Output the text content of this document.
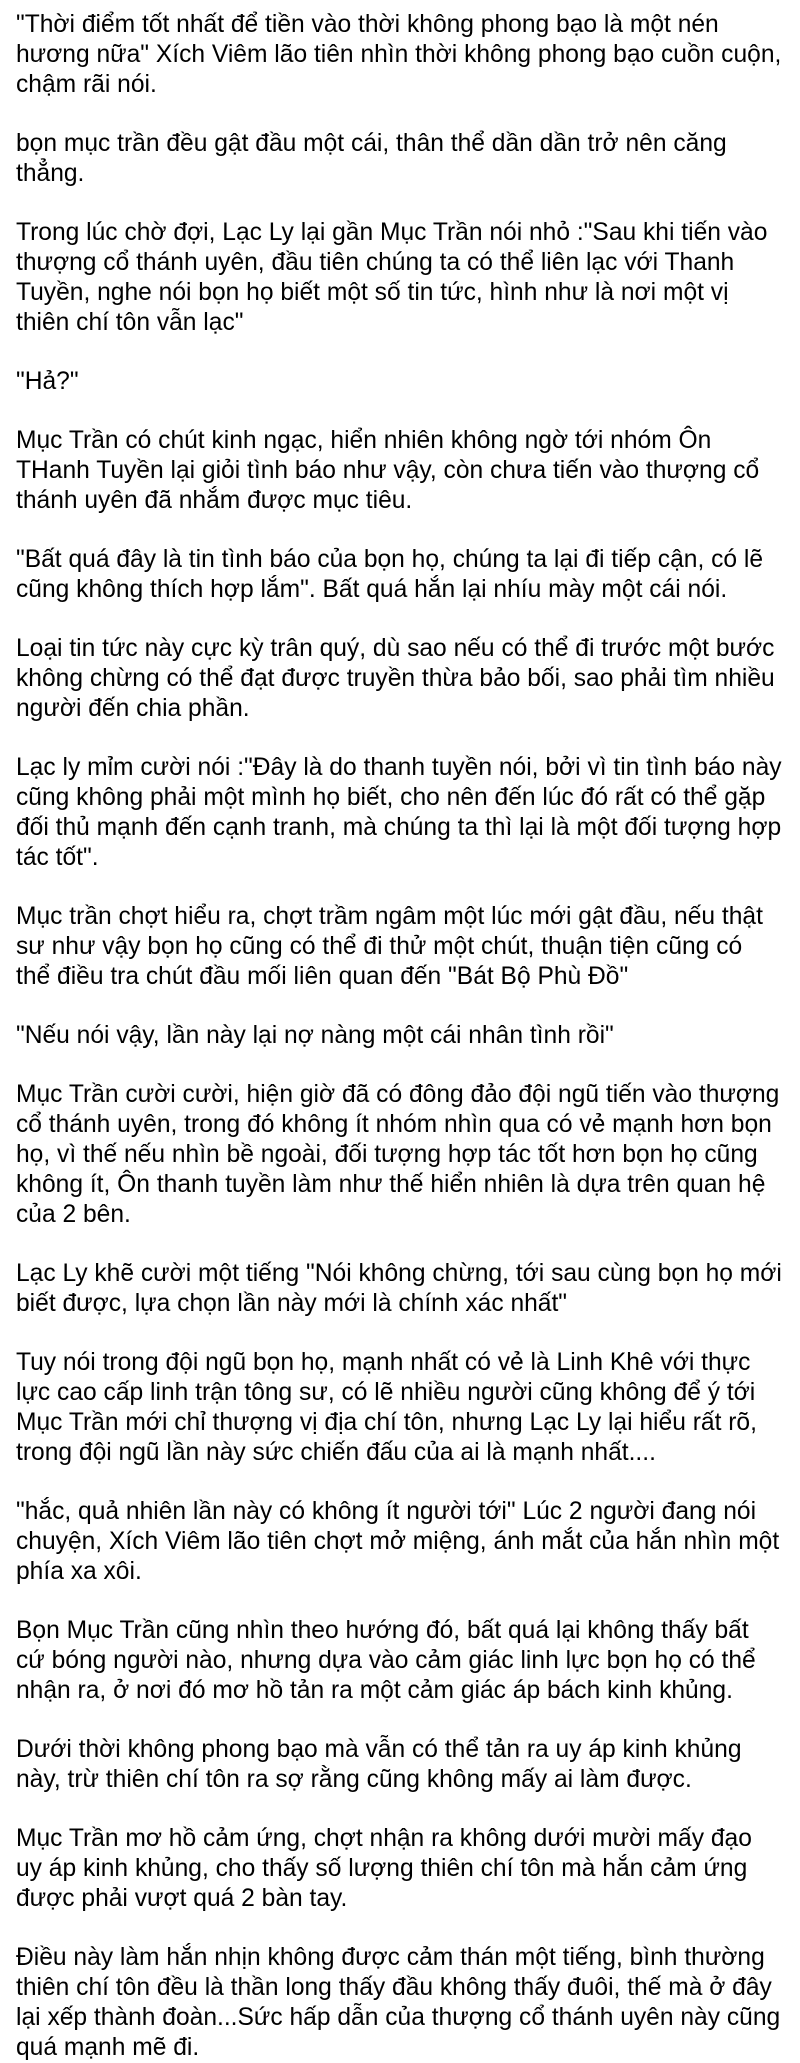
"Thời điểm tốt nhất để tiền vào thời không phong bạo là một nén hương nữa" Xích Viêm lão tiên nhìn thời không phong bạo cuồn cuộn, chậm rãi nói.

bọn mục trần đều gật đầu một cái, thân thể dần dần trở nên căng thẳng.

Trong lúc chờ đợi, Lạc Ly lại gần Mục Trần nói nhỏ :"Sau khi tiến vào thượng cổ thánh uyên, đầu tiên chúng ta có thể liên lạc với Thanh Tuyền, nghe nói bọn họ biết một số tin tức, hình như là nơi một vị thiên chí tôn vẫn lạc"

"Hả?"

Mục Trần có chút kinh ngạc, hiển nhiên không ngờ tới nhóm Ôn THanh Tuyền lại giỏi tình báo như vậy, còn chưa tiến vào thượng cổ thánh uyên đã nhắm được mục tiêu.

"Bất quá đây là tin tình báo của bọn họ, chúng ta lại đi tiếp cận, có lẽ cũng không thích hợp lắm". Bất quá hắn lại nhíu mày một cái nói.

Loại tin tức này cực kỳ trân quý, dù sao nếu có thể đi trước một bước không chừng có thể đạt được truyền thừa bảo bối, sao phải tìm nhiều người đến chia phần.

Lạc ly mỉm cười nói :"Đây là do thanh tuyền nói, bởi vì tin tình báo này cũng không phải một mình họ biết, cho nên đến lúc đó rất có thể gặp đối thủ mạnh đến cạnh tranh, mà chúng ta thì lại là một đối tượng hợp tác tốt".

Mục trần chợt hiểu ra, chợt trầm ngâm một lúc mới gật đầu, nếu thật sư như vậy bọn họ cũng có thể đi thử một chút, thuận tiện cũng có thể điều tra chút đầu mối liên quan đến "Bát Bộ Phù Đồ"

"Nếu nói vậy, lần này lại nợ nàng một cái nhân tình rồi"

Mục Trần cười cười, hiện giờ đã có đông đảo đội ngũ tiến vào thượng cổ thánh uyên, trong đó không ít nhóm nhìn qua có vẻ mạnh hơn bọn họ, vì thế nếu nhìn bề ngoài, đối tượng hợp tác tốt hơn bọn họ cũng không ít, Ôn thanh tuyền làm như thế hiển nhiên là dựa trên quan hệ của 2 bên.

Lạc Ly khẽ cười một tiếng "Nói không chừng, tới sau cùng bọn họ mới biết được, lựa chọn lần này mới là chính xác nhất"

Tuy nói trong đội ngũ bọn họ, mạnh nhất có vẻ là Linh Khê với thực lực cao cấp linh trận tông sư, có lẽ nhiều người cũng không để ý tới Mục Trần mới chỉ thượng vị địa chí tôn, nhưng Lạc Ly lại hiểu rất rõ, trong đội ngũ lần này sức chiến đấu của ai là mạnh nhất....

"hắc, quả nhiên lần này có không ít người tới" Lúc 2 người đang nói chuyện, Xích Viêm lão tiên chợt mở miệng, ánh mắt của hắn nhìn một phía xa xôi.

Bọn Mục Trần cũng nhìn theo hướng đó, bất quá lại không thấy bất cứ bóng người nào, nhưng dựa vào cảm giác linh lực bọn họ có thể nhận ra, ở nơi đó mơ hồ tản ra một cảm giác áp bách kinh khủng.

Dưới thời không phong bạo mà vẫn có thể tản ra uy áp kinh khủng này, trừ thiên chí tôn ra sợ rằng cũng không mấy ai làm được.

Mục Trần mơ hồ cảm ứng, chợt nhận ra không dưới mười mấy đạo uy áp kinh khủng, cho thấy số lượng thiên chí tôn mà hắn cảm ứng được phải vượt quá 2 bàn tay.

Điều này làm hắn nhịn không được cảm thán một tiếng, bình thường thiên chí tôn đều là thần long thấy đầu không thấy đuôi, thế mà ở đây lại xếp thành đoàn...Sức hấp dẫn của thượng cổ thánh uyên này cũng quá mạnh mẽ đi.
